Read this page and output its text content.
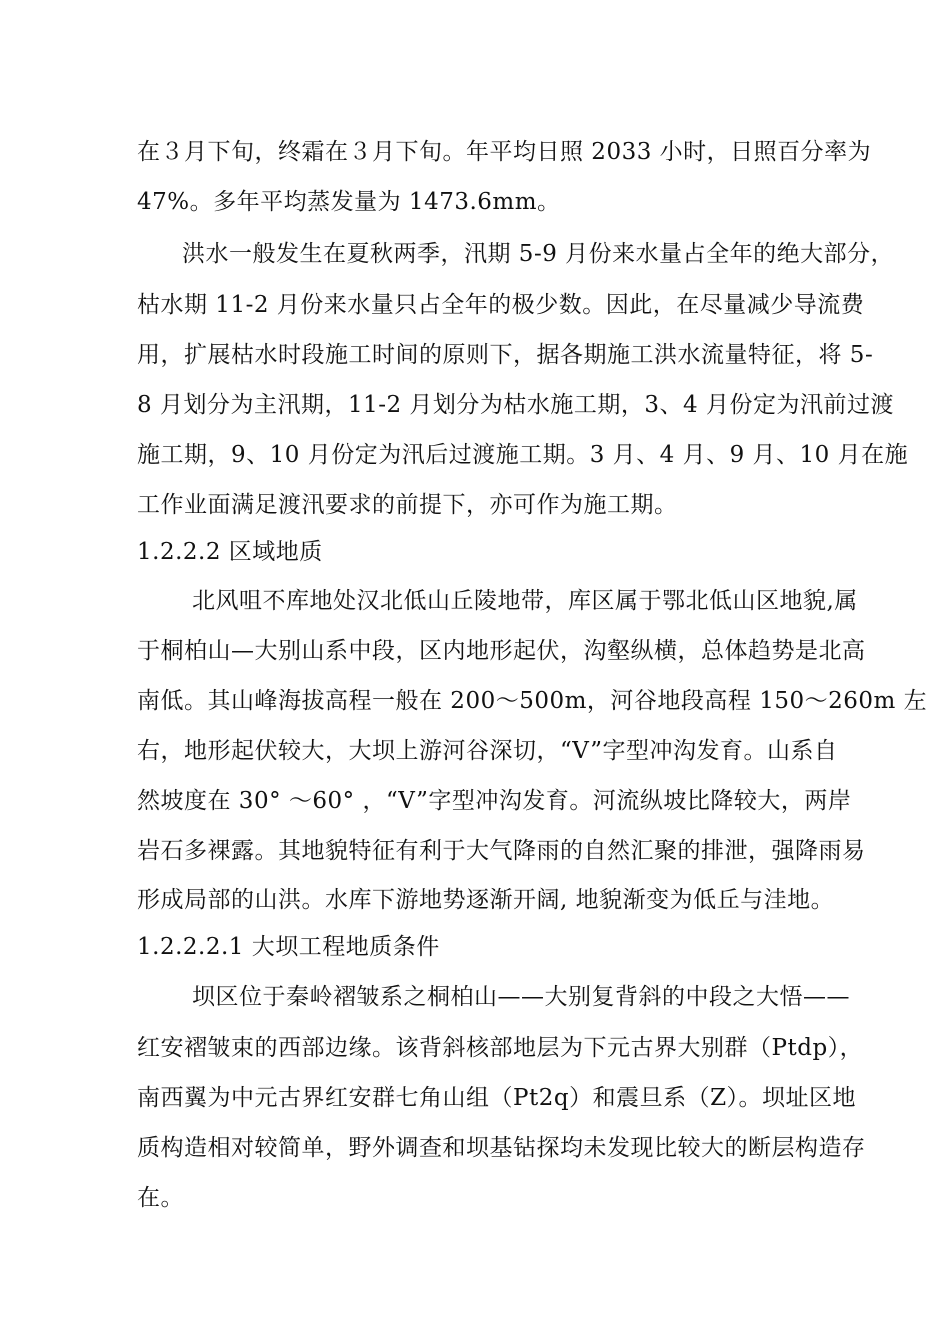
在３月下旬，终霜在３月下旬。年平均日照 2033 小时，日照百分率为
47%。多年平均蒸发量为 1473.6mm。
洪水一般发生在夏秋两季，汛期 5-9 月份来水量占全年的绝大部分，
枯水期 11-2 月份来水量只占全年的极少数。因此，在尽量减少导流费
用，扩展枯水时段施工时间的原则下，据各期施工洪水流量特征，将 5-
8 月划分为主汛期，11-2 月划分为枯水施工期，3、4 月份定为汛前过渡
施工期，9、10 月份定为汛后过渡施工期。3 月、4 月、9 月、10 月在施
工作业面满足渡汛要求的前提下，亦可作为施工期。
1.2.2.2 区域地质
北风咀不库地处汉北低山丘陵地带，库区属于鄂北低山区地貌,属
于桐柏山—大别山系中段，区内地形起伏，沟壑纵横，总体趋势是北高
南低。其山峰海拔高程一般在 200～500m，河谷地段高程 150～260m 左
右，地形起伏较大，大坝上游河谷深切，“V”字型冲沟发育。山系自
然坡度在 30° ～60° ，“V”字型冲沟发育。河流纵坡比降较大，两岸
岩石多裸露。其地貌特征有利于大气降雨的自然汇聚的排泄，强降雨易
形成局部的山洪。水库下游地势逐渐开阔, 地貌渐变为低丘与洼地。
1.2.2.2.1 大坝工程地质条件
坝区位于秦岭褶皱系之桐柏山——大别复背斜的中段之大悟——
红安褶皱束的西部边缘。该背斜核部地层为下元古界大别群（Ptdp），
南西翼为中元古界红安群七角山组（Pt2q）和震旦系（Z）。坝址区地
质构造相对较简单，野外调查和坝基钻探均未发现比较大的断层构造存
在。
